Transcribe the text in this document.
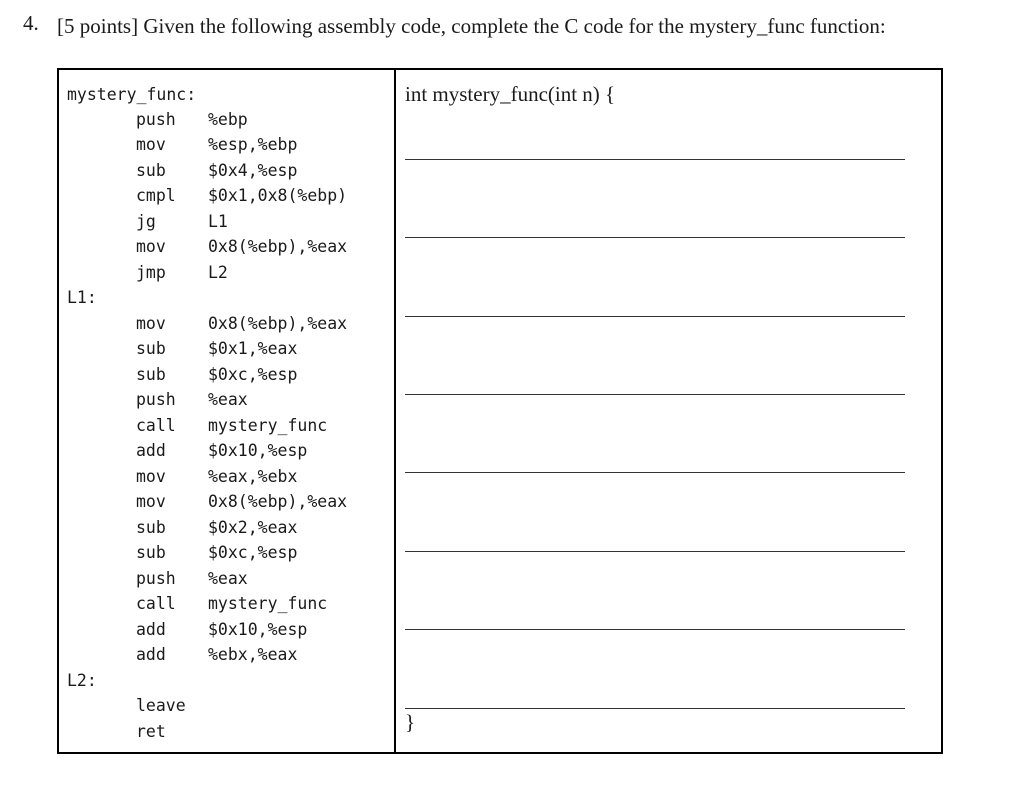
4. [5 points] Given the following assembly code, complete the C code for the mystery_func function:
mystery_func:
push %ebp
mov	%esp,%ebp
sub	$0x4,%esp
cmpl $0x1,0x8(%ebp)
jg	L1
mov	0x8(%ebp),%eax
jmp	L2
L1:
mov	0x8(%ebp),%eax
sub	$0x1,%eax
sub	$0xc,%esp
push %eax
call mystery_func
add	$0x10,%esp
mov	%eax,%ebx
mov	0x8(%ebp),%eax
sub	$0x2,%eax
sub	$0xc,%esp
push %eax
call mystery_func
add	$0x10,%esp
add	%ebx,%eax
L2:
leave
ret
int mystery_func(int n) {
}
